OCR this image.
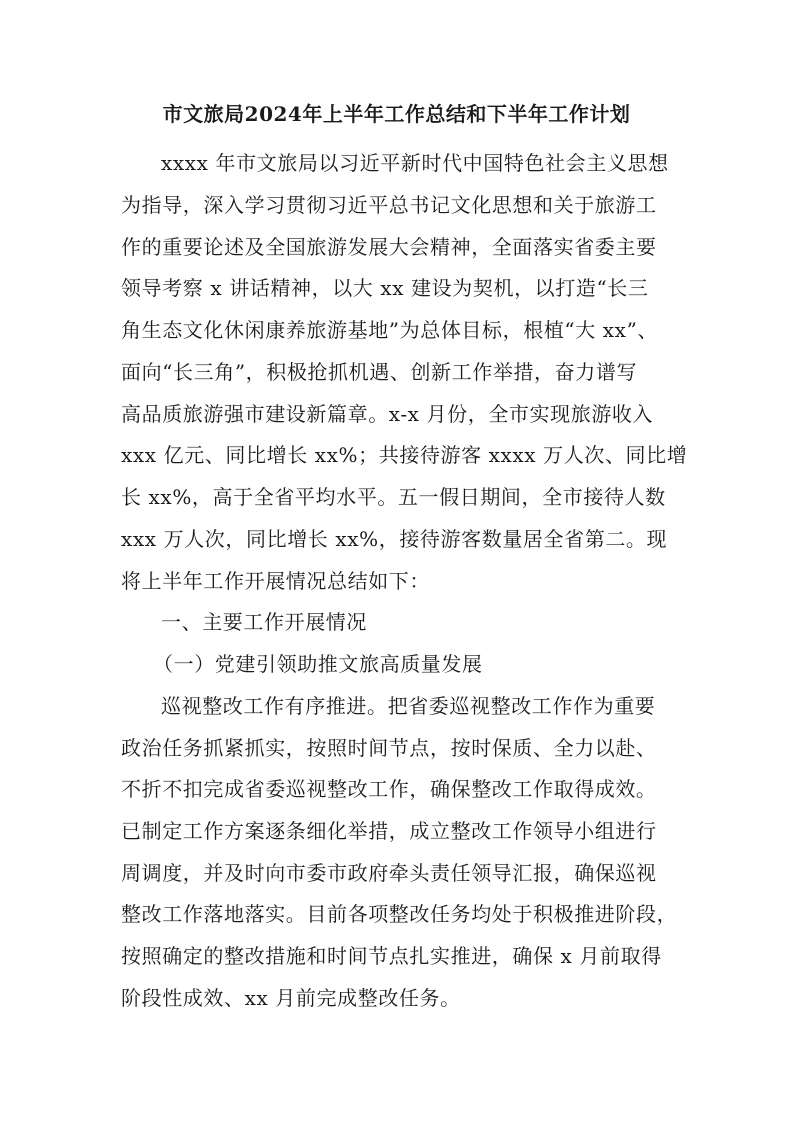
市文旅局2024年上半年工作总结和下半年工作计划
xxxx 年市文旅局以习近平新时代中国特色社会主义思想
为指导，深入学习贯彻习近平总书记文化思想和关于旅游工
作的重要论述及全国旅游发展大会精神，全面落实省委主要
领导考察 x 讲话精神，以大 xx 建设为契机，以打造“长三
角生态文化休闲康养旅游基地”为总体目标，根植“大 xx”、
面向“长三角”，积极抢抓机遇、创新工作举措，奋力谱写
高品质旅游强市建设新篇章。x-x 月份，全市实现旅游收入
xxx 亿元、同比增长 xx%；共接待游客 xxxx 万人次、同比增
长 xx%，高于全省平均水平。五一假日期间，全市接待人数
xxx 万人次，同比增长 xx%，接待游客数量居全省第二。现
将上半年工作开展情况总结如下：
一、主要工作开展情况
（一）党建引领助推文旅高质量发展
巡视整改工作有序推进。把省委巡视整改工作作为重要
政治任务抓紧抓实，按照时间节点，按时保质、全力以赴、
不折不扣完成省委巡视整改工作，确保整改工作取得成效。
已制定工作方案逐条细化举措，成立整改工作领导小组进行
周调度，并及时向市委市政府牵头责任领导汇报，确保巡视
整改工作落地落实。目前各项整改任务均处于积极推进阶段，
按照确定的整改措施和时间节点扎实推进，确保 x 月前取得
阶段性成效、xx 月前完成整改任务。
